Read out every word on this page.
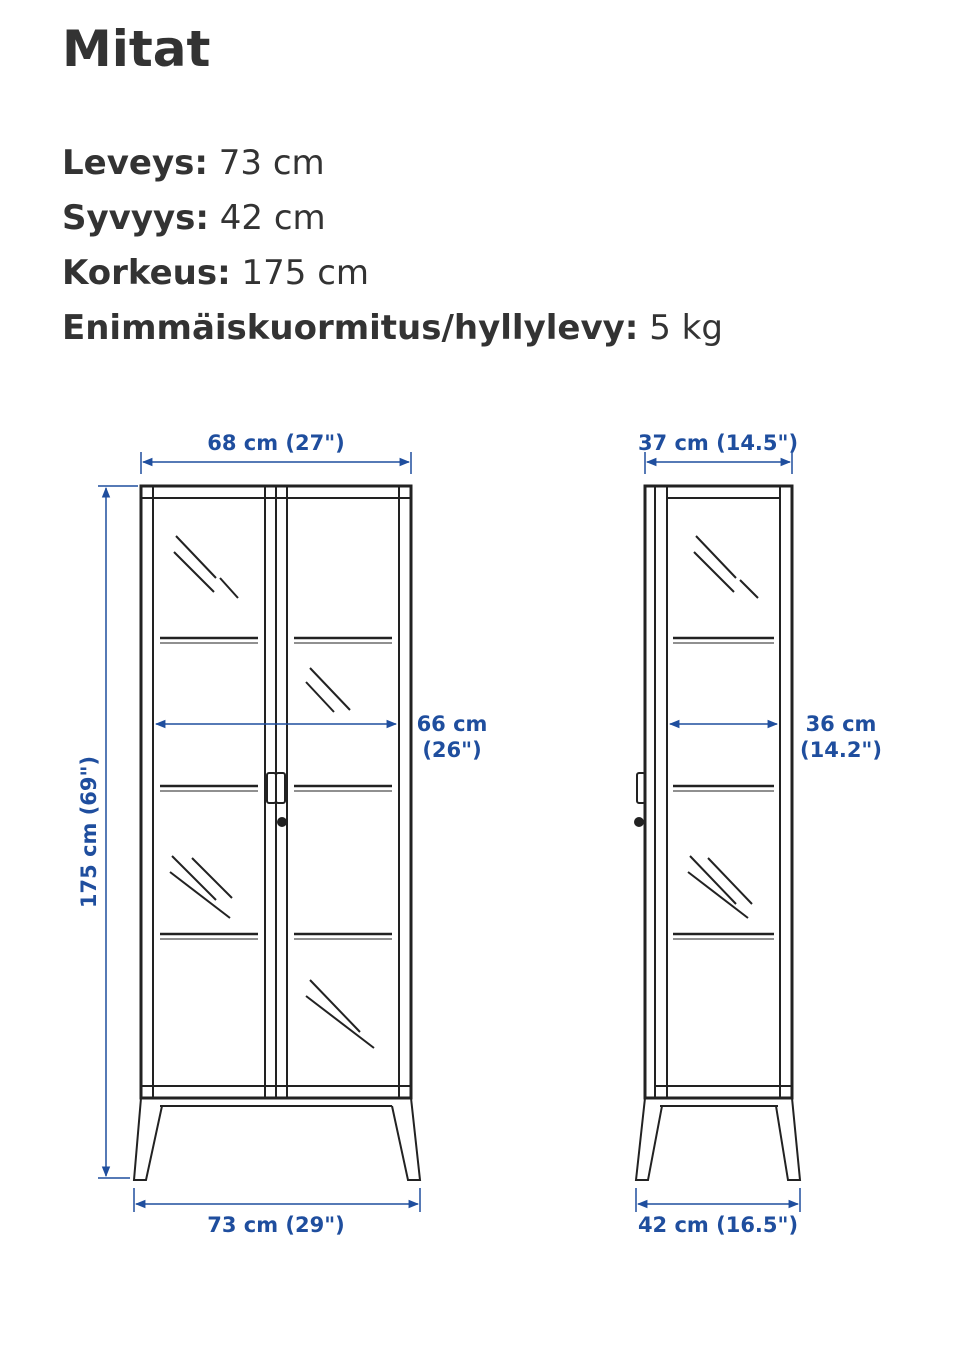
Mitat
Leveys: 73 cm
Syvyys: 42 cm
Korkeus: 175 cm
Enimmäiskuormitus/hyllylevy: 5 kg
68 cm (27")
66 cm
(26")
175 cm (69")
73 cm (29")
37 cm (14.5")
36 cm
(14.2")
42 cm (16.5")
